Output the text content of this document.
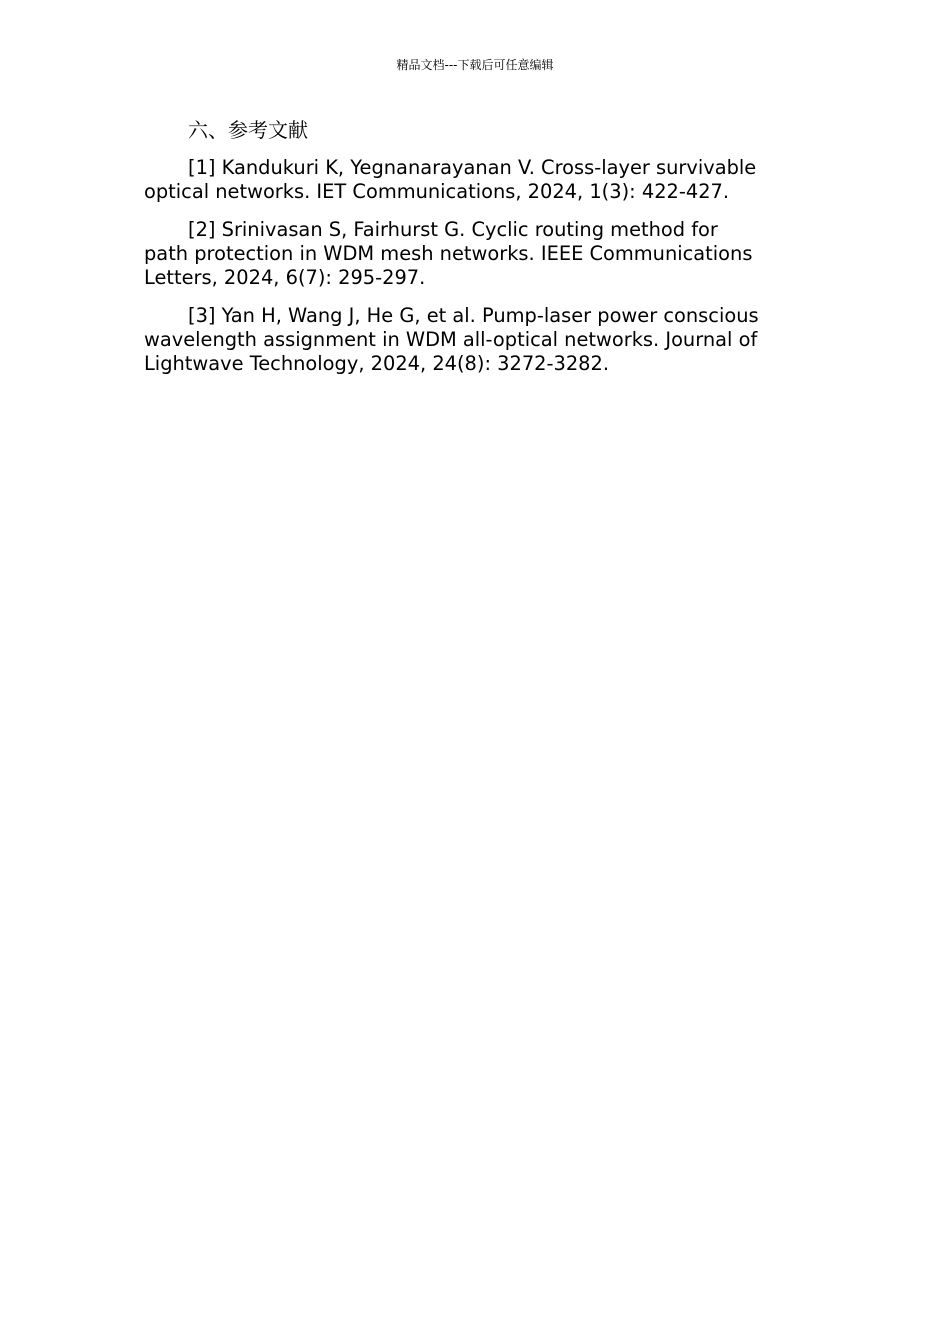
精品文档---下载后可任意编辑
六、参考文献
[1] Kandukuri K, Yegnanarayanan V. Cross-layer survivable
optical networks. IET Communications, 2024, 1(3): 422-427.
[2] Srinivasan S, Fairhurst G. Cyclic routing method for
path protection in WDM mesh networks. IEEE Communications
Letters, 2024, 6(7): 295-297.
[3] Yan H, Wang J, He G, et al. Pump-laser power conscious
wavelength assignment in WDM all-optical networks. Journal of
Lightwave Technology, 2024, 24(8): 3272-3282.
